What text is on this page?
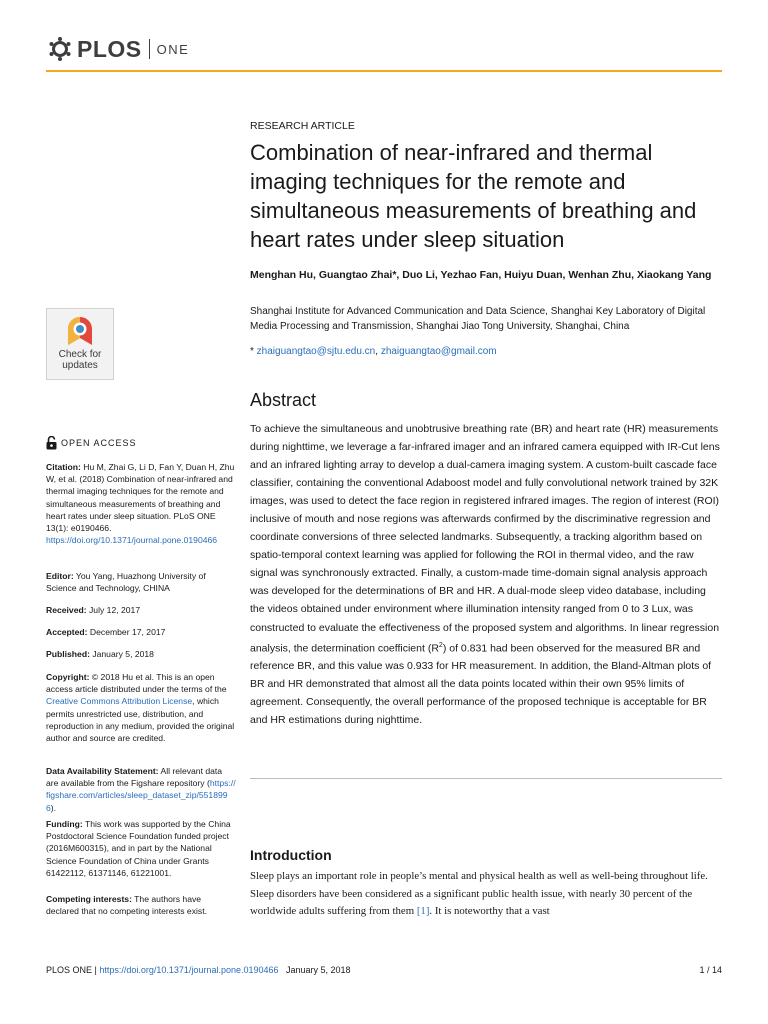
PLOS ONE
RESEARCH ARTICLE
Combination of near-infrared and thermal imaging techniques for the remote and simultaneous measurements of breathing and heart rates under sleep situation
Menghan Hu, Guangtao Zhai*, Duo Li, Yezhao Fan, Huiyu Duan, Wenhan Zhu, Xiaokang Yang
Shanghai Institute for Advanced Communication and Data Science, Shanghai Key Laboratory of Digital Media Processing and Transmission, Shanghai Jiao Tong University, Shanghai, China
* zhaiguangtao@sjtu.edu.cn, zhaiguangtao@gmail.com
Check for
updates
Abstract
To achieve the simultaneous and unobtrusive breathing rate (BR) and heart rate (HR) measurements during nighttime, we leverage a far-infrared imager and an infrared camera equipped with IR-Cut lens and an infrared lighting array to develop a dual-camera imaging system. A custom-built cascade face classifier, containing the conventional Adaboost model and fully convolutional network trained by 32K images, was used to detect the face region in registered infrared images. The region of interest (ROI) inclusive of mouth and nose regions was afterwards confirmed by the discriminative regression and coordinate conversions of three selected landmarks. Subsequently, a tracking algorithm based on spatio-temporal context learning was applied for following the ROI in thermal video, and the raw signal was synchronously extracted. Finally, a custom-made time-domain signal analysis approach was developed for the determinations of BR and HR. A dual-mode sleep video database, including the videos obtained under environment where illumination intensity ranged from 0 to 3 Lux, was constructed to evaluate the effectiveness of the proposed system and algorithms. In linear regression analysis, the determination coefficient $(R^2)$ of 0.831 had been observed for the measured BR and reference BR, and this value was 0.933 for HR measurement. In addition, the Bland-Altman plots of BR and HR demonstrated that almost all the data points located within their own 95% limits of agreement. Consequently, the overall performance of the proposed technique is acceptable for BR and HR estimations during nighttime.
Introduction
Sleep plays an important role in people’s mental and physical health as well as well-being throughout life. Sleep disorders have been considered as a significant public health issue, with nearly 30 percent of the worldwide adults suffering from them [1]. It is noteworthy that a vast
OPEN ACCESS
Citation: Hu M, Zhai G, Li D, Fan Y, Duan H, Zhu W, et al. (2018) Combination of near-infrared and thermal imaging techniques for the remote and simultaneous measurements of breathing and heart rates under sleep situation. PLoS ONE 13(1): e0190466. https://doi.org/10.1371/journal.pone.0190466
Editor: You Yang, Huazhong University of Science and Technology, CHINA
Received: July 12, 2017
Accepted: December 17, 2017
Published: January 5, 2018
Copyright: © 2018 Hu et al. This is an open access article distributed under the terms of the Creative Commons Attribution License, which permits unrestricted use, distribution, and reproduction in any medium, provided the original author and source are credited.
Data Availability Statement: All relevant data are available from the Figshare repository (https://figshare.com/articles/sleep_dataset_zip/5518996).
Funding: This work was supported by the China Postdoctoral Science Foundation funded project (2016M600315), and in part by the National Science Foundation of China under Grants 61422112, 61371146, 61221001.
Competing interests: The authors have declared that no competing interests exist.
PLOS ONE | https://doi.org/10.1371/journal.pone.0190466   January 5, 2018	1 / 14
